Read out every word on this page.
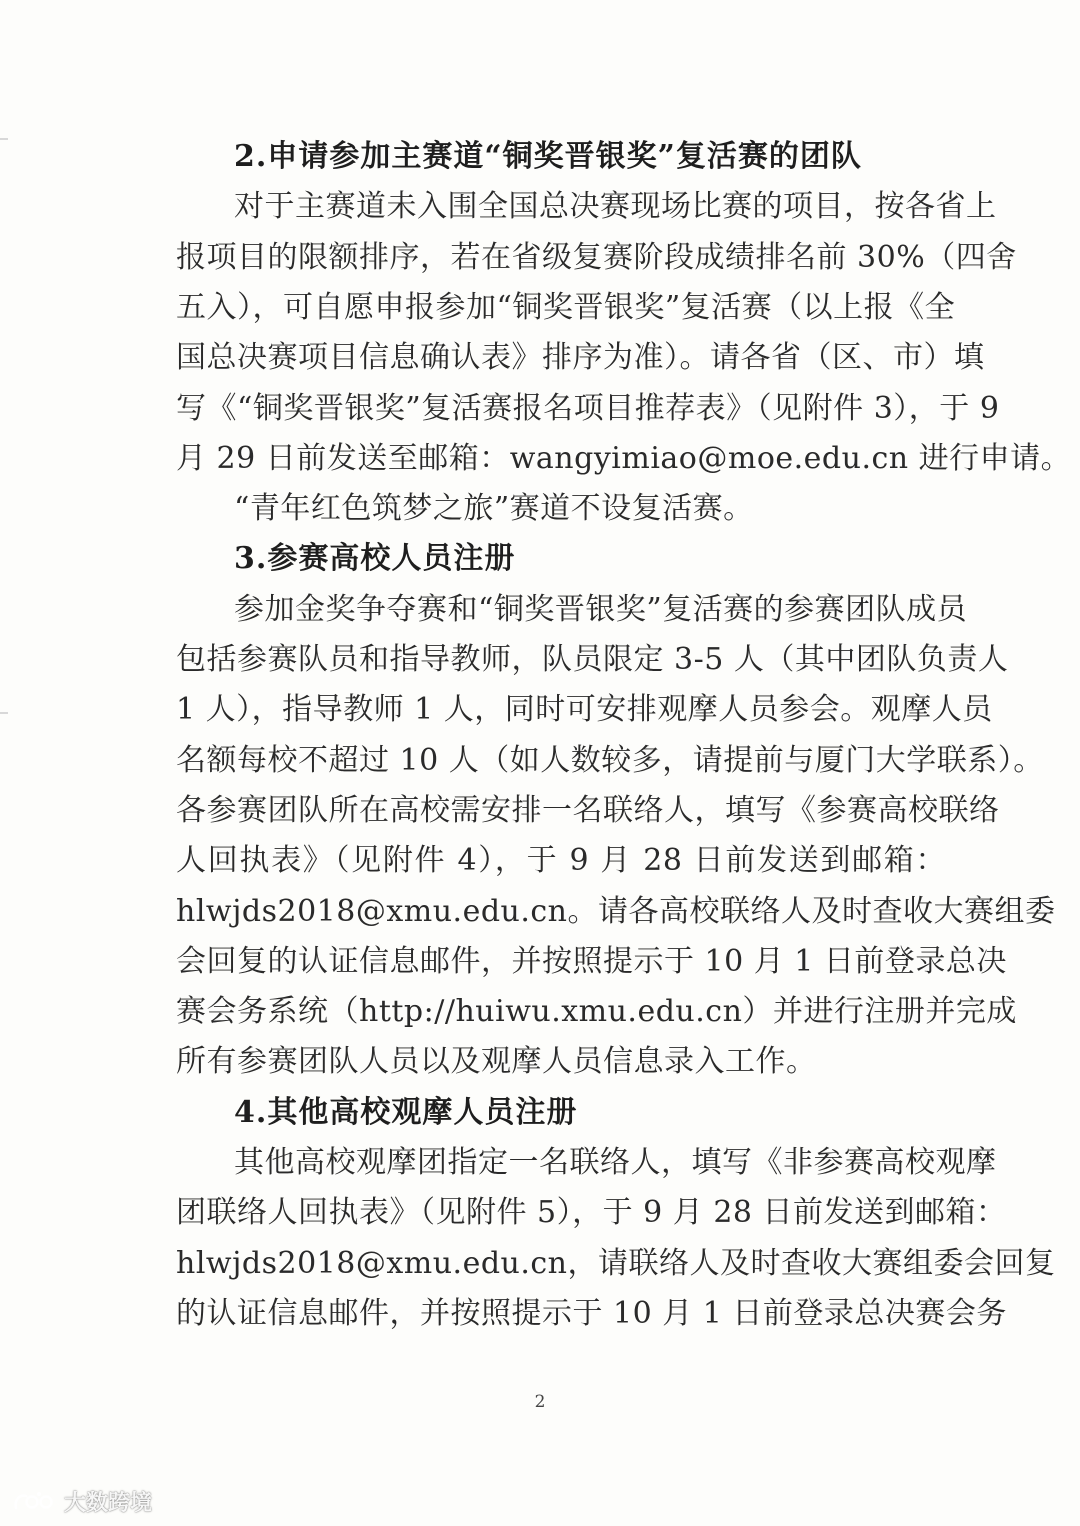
2.申请参加主赛道“铜奖晋银奖”复活赛的团队
对于主赛道未入围全国总决赛现场比赛的项目，按各省上
报项目的限额排序，若在省级复赛阶段成绩排名前 30%（四舍
五入），可自愿申报参加“铜奖晋银奖”复活赛（以上报《全
国总决赛项目信息确认表》排序为准）。请各省（区、市）填
写《“铜奖晋银奖”复活赛报名项目推荐表》（见附件 3），于 9
月 29 日前发送至邮箱：wangyimiao@moe.edu.cn 进行申请。
“青年红色筑梦之旅”赛道不设复活赛。
3.参赛高校人员注册
参加金奖争夺赛和“铜奖晋银奖”复活赛的参赛团队成员
包括参赛队员和指导教师，队员限定 3-5 人（其中团队负责人
1 人），指导教师 1 人，同时可安排观摩人员参会。观摩人员
名额每校不超过 10 人（如人数较多，请提前与厦门大学联系）。
各参赛团队所在高校需安排一名联络人，填写《参赛高校联络
人回执表》（见附件 4），于 9 月 28 日前发送到邮箱：
hlwjds2018@xmu.edu.cn。请各高校联络人及时查收大赛组委
会回复的认证信息邮件，并按照提示于 10 月 1 日前登录总决
赛会务系统（http://huiwu.xmu.edu.cn）并进行注册并完成
所有参赛团队人员以及观摩人员信息录入工作。
4.其他高校观摩人员注册
其他高校观摩团指定一名联络人，填写《非参赛高校观摩
团联络人回执表》（见附件 5），于 9 月 28 日前发送到邮箱：
hlwjds2018@xmu.edu.cn，请联络人及时查收大赛组委会回复
的认证信息邮件，并按照提示于 10 月 1 日前登录总决赛会务
2
大数跨境
